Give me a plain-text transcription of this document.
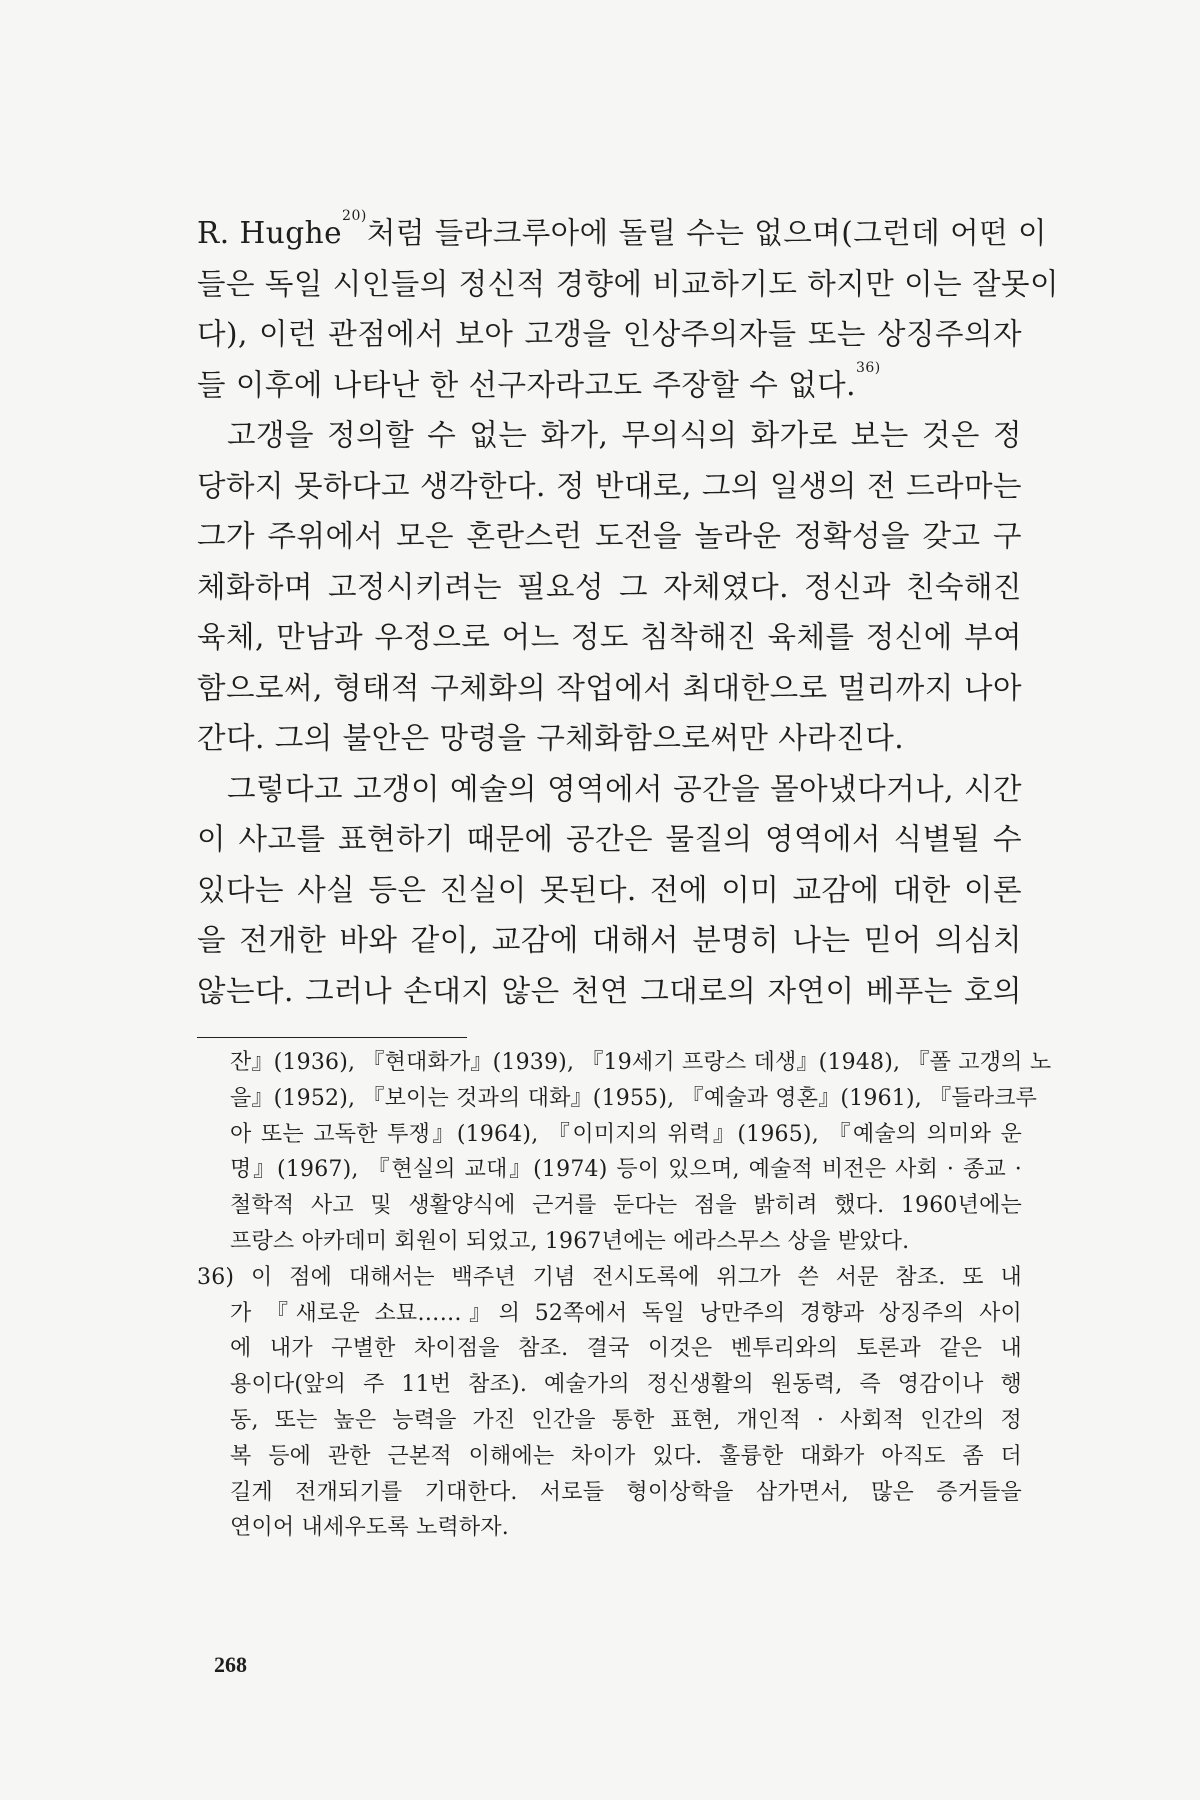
R. Hughe$^{20)}$처럼 들라크루아에 돌릴 수는 없으며(그런데 어떤 이
들은 독일 시인들의 정신적 경향에 비교하기도 하지만 이는 잘못이
다), 이런 관점에서 보아 고갱을 인상주의자들 또는 상징주의자
들 이후에 나타난 한 선구자라고도 주장할 수 없다.$^{36)}$
고갱을 정의할 수 없는 화가, 무의식의 화가로 보는 것은 정
당하지 못하다고 생각한다. 정 반대로, 그의 일생의 전 드라마는
그가 주위에서 모은 혼란스런 도전을 놀라운 정확성을 갖고 구
체화하며 고정시키려는 필요성 그 자체였다. 정신과 친숙해진
육체, 만남과 우정으로 어느 정도 침착해진 육체를 정신에 부여
함으로써, 형태적 구체화의 작업에서 최대한으로 멀리까지 나아
간다. 그의 불안은 망령을 구체화함으로써만 사라진다.
그렇다고 고갱이 예술의 영역에서 공간을 몰아냈다거나, 시간
이 사고를 표현하기 때문에 공간은 물질의 영역에서 식별될 수
있다는 사실 등은 진실이 못된다. 전에 이미 교감에 대한 이론
을 전개한 바와 같이, 교감에 대해서 분명히 나는 믿어 의심치
않는다. 그러나 손대지 않은 천연 그대로의 자연이 베푸는 호의
잔』(1936), 『현대화가』(1939), 『19세기 프랑스 데생』(1948), 『폴 고갱의 노
을』(1952), 『보이는 것과의 대화』(1955), 『예술과 영혼』(1961), 『들라크루
아 또는 고독한 투쟁』(1964), 『이미지의 위력』(1965), 『예술의 의미와 운
명』(1967), 『현실의 교대』(1974) 등이 있으며, 예술적 비전은 사회 · 종교 ·
철학적 사고 및 생활양식에 근거를 둔다는 점을 밝히려 했다. 1960년에는
프랑스 아카데미 회원이 되었고, 1967년에는 에라스무스 상을 받았다.
36) 이 점에 대해서는 백주년 기념 전시도록에 위그가 쓴 서문 참조. 또 내
가 『새로운 소묘……』의 52쪽에서 독일 낭만주의 경향과 상징주의 사이
에 내가 구별한 차이점을 참조. 결국 이것은 벤투리와의 토론과 같은 내
용이다(앞의 주 11번 참조). 예술가의 정신생활의 원동력, 즉 영감이나 행
동, 또는 높은 능력을 가진 인간을 통한 표현, 개인적 · 사회적 인간의 정
복 등에 관한 근본적 이해에는 차이가 있다. 훌륭한 대화가 아직도 좀 더
길게 전개되기를 기대한다. 서로들 형이상학을 삼가면서, 많은 증거들을
연이어 내세우도록 노력하자.
268
